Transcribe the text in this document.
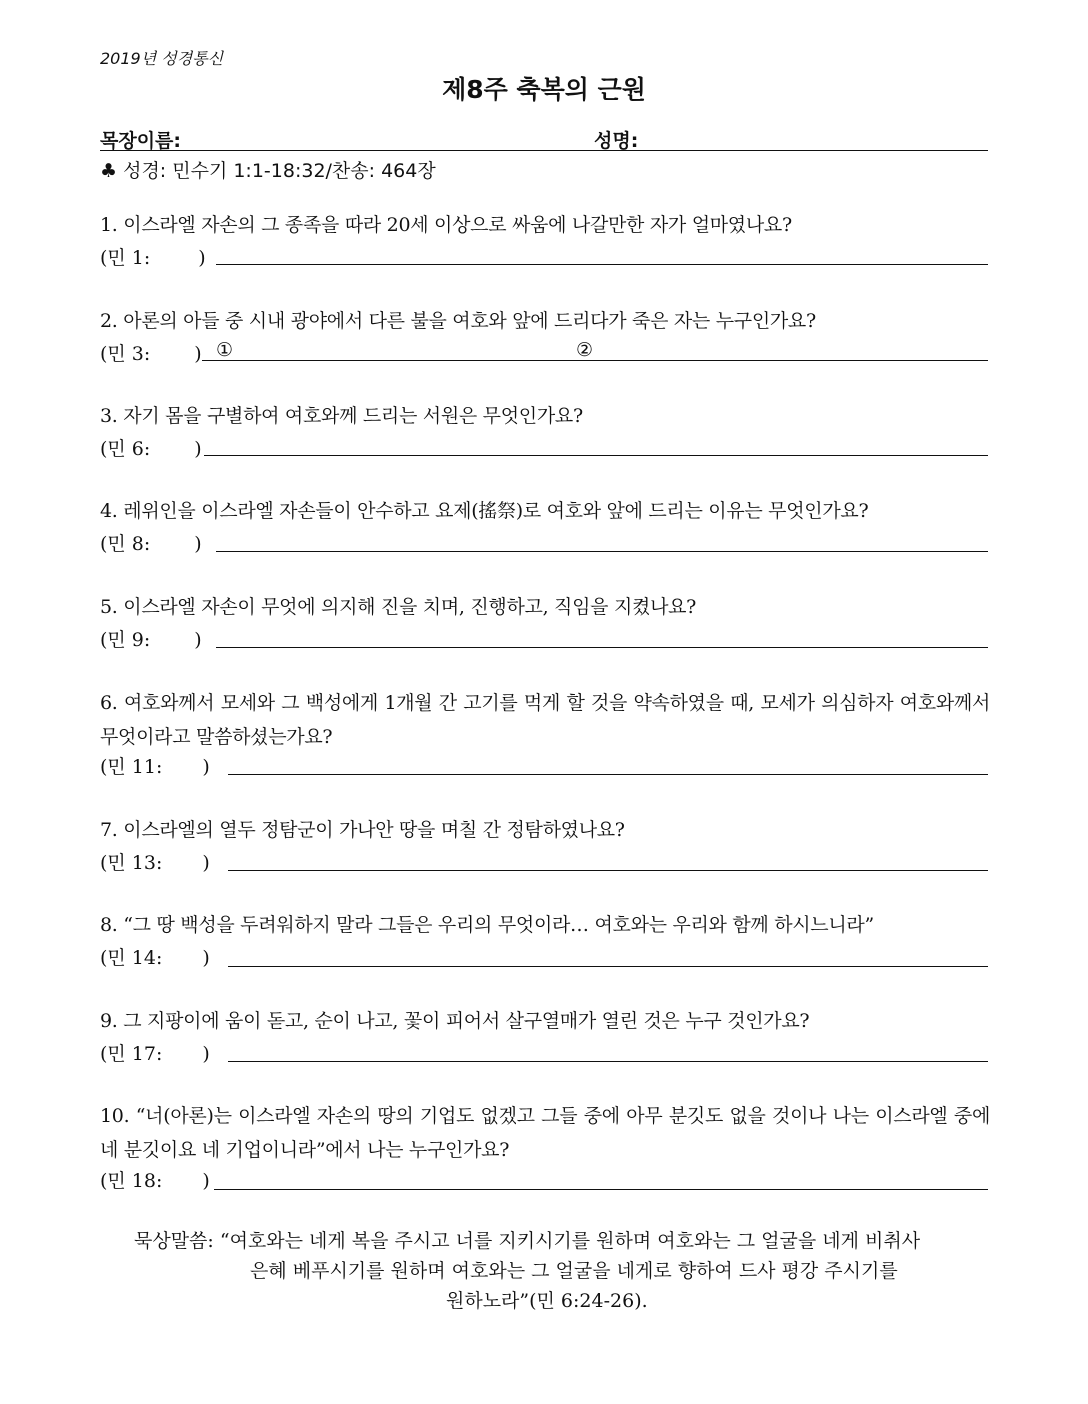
2019년 성경통신
제8주 축복의 근원
목장이름:	성명:
♣ 성경: 민수기 1:1-18:32/찬송: 464장
1. 이스라엘 자손의 그 종족을 따라 20세 이상으로 싸움에 나갈만한 자가 얼마였나요?
(민 1:	)
2. 아론의 아들 중 시내 광야에서 다른 불을 여호와 앞에 드리다가 죽은 자는 누구인가요?
(민 3: ) ①	②
3. 자기 몸을 구별하여 여호와께 드리는 서원은 무엇인가요?
(민 6: )
4. 레위인을 이스라엘 자손들이 안수하고 요제(搖祭)로 여호와 앞에 드리는 이유는 무엇인가요?
(민 8: )
5. 이스라엘 자손이 무엇에 의지해 진을 치며, 진행하고, 직임을 지켰나요?
(민 9: )
6. 여호와께서 모세와 그 백성에게 1개월 간 고기를 먹게 할 것을 약속하였을 때, 모세가 의심하자 여호와께서 무엇이라고 말씀하셨는가요?
(민 11: )
7. 이스라엘의 열두 정탐군이 가나안 땅을 며칠 간 정탐하였나요?
(민 13: )
8. “그 땅 백성을 두려워하지 말라 그들은 우리의 무엇이라… 여호와는 우리와 함께 하시느니라”
(민 14: )
9. 그 지팡이에 움이 돋고, 순이 나고, 꽃이 피어서 살구열매가 열린 것은 누구 것인가요?
(민 17: )
10. “너(아론)는 이스라엘 자손의 땅의 기업도 없겠고 그들 중에 아무 분깃도 없을 것이나 나는 이스라엘 중에 네 분깃이요 네 기업이니라”에서 나는 누구인가요?
(민 18: )
묵상말씀: “여호와는 네게 복을 주시고 너를 지키시기를 원하며 여호와는 그 얼굴을 네게 비취사
은혜 베푸시기를 원하며 여호와는 그 얼굴을 네게로 향하여 드사 평강 주시기를
원하노라”(민 6:24-26).
